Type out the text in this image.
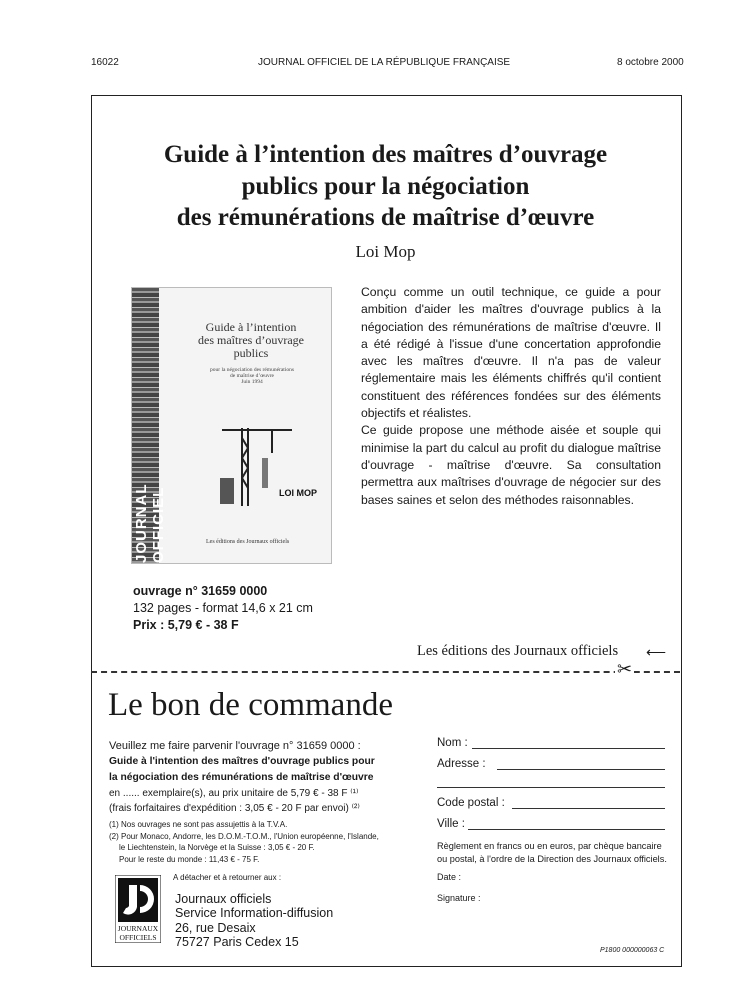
16022	JOURNAL OFFICIEL DE LA RÉPUBLIQUE FRANÇAISE	8 octobre 2000
Guide à l’intention des maîtres d’ouvrage
publics pour la négociation
des rémunérations de maîtrise d’œuvre
Loi Mop
JOURNAL OFFICIEL
Guide à l’intention
des maîtres d’ouvrage
publics
pour la négociation des rémunérations
de maîtrise d’œuvre
Juin 1994
LOI MOP
Les éditions des Journaux officiels

Conçu comme un outil technique, ce guide a pour ambition d'aider les maîtres d'ouvrage publics à la négociation des rémunérations de maîtrise d'œuvre. Il a été rédigé à l'issue d'une concertation approfondie avec les maîtres d'œuvre. Il n'a pas de valeur réglementaire mais les éléments chiffrés qu'il contient constituent des références fondées sur des éléments objectifs et réalistes.

Ce guide propose une méthode aisée et souple qui minimise la part du calcul au profit du dialogue maîtrise d'ouvrage - maîtrise d'œuvre. Sa consultation permettra aux maîtrises d'ouvrage de négocier sur des bases saines et selon des méthodes raisonnables.

ouvrage n° 31659 0000
132 pages - format 14,6 x 21 cm
Prix : 5,79 € - 38 F
Les éditions des Journaux officiels ⟵
✂
Le bon de commande
Veuillez me faire parvenir l'ouvrage n° 31659 0000 :
Guide à l'intention des maîtres d'ouvrage publics pour
la négociation des rémunérations de maîtrise d'œuvre
en ...... exemplaire(s), au prix unitaire de 5,79 € - 38 F ⁽¹⁾
(frais forfaitaires d'expédition : 3,05 € - 20 F par envoi) ⁽²⁾
(1) Nos ouvrages ne sont pas assujettis à la T.V.A.
(2) Pour Monaco, Andorre, les D.O.M.-T.O.M., l'Union européenne, l'Islande,
le Liechtenstein, la Norvège et la Suisse : 3,05 € - 20 F.
Pour le reste du monde : 11,43 € - 75 F.
Nom :
Adresse :
Code postal :
Ville :
Règlement en francs ou en euros, par chèque bancaire
ou postal, à l'ordre de la Direction des Journaux officiels.
Date :
Signature :
A détacher et à retourner aux :
JOURNAUX
OFFICIELS
Journaux officiels
Service Information-diffusion
26, rue Desaix
75727 Paris Cedex 15
P1800 000000063 C
